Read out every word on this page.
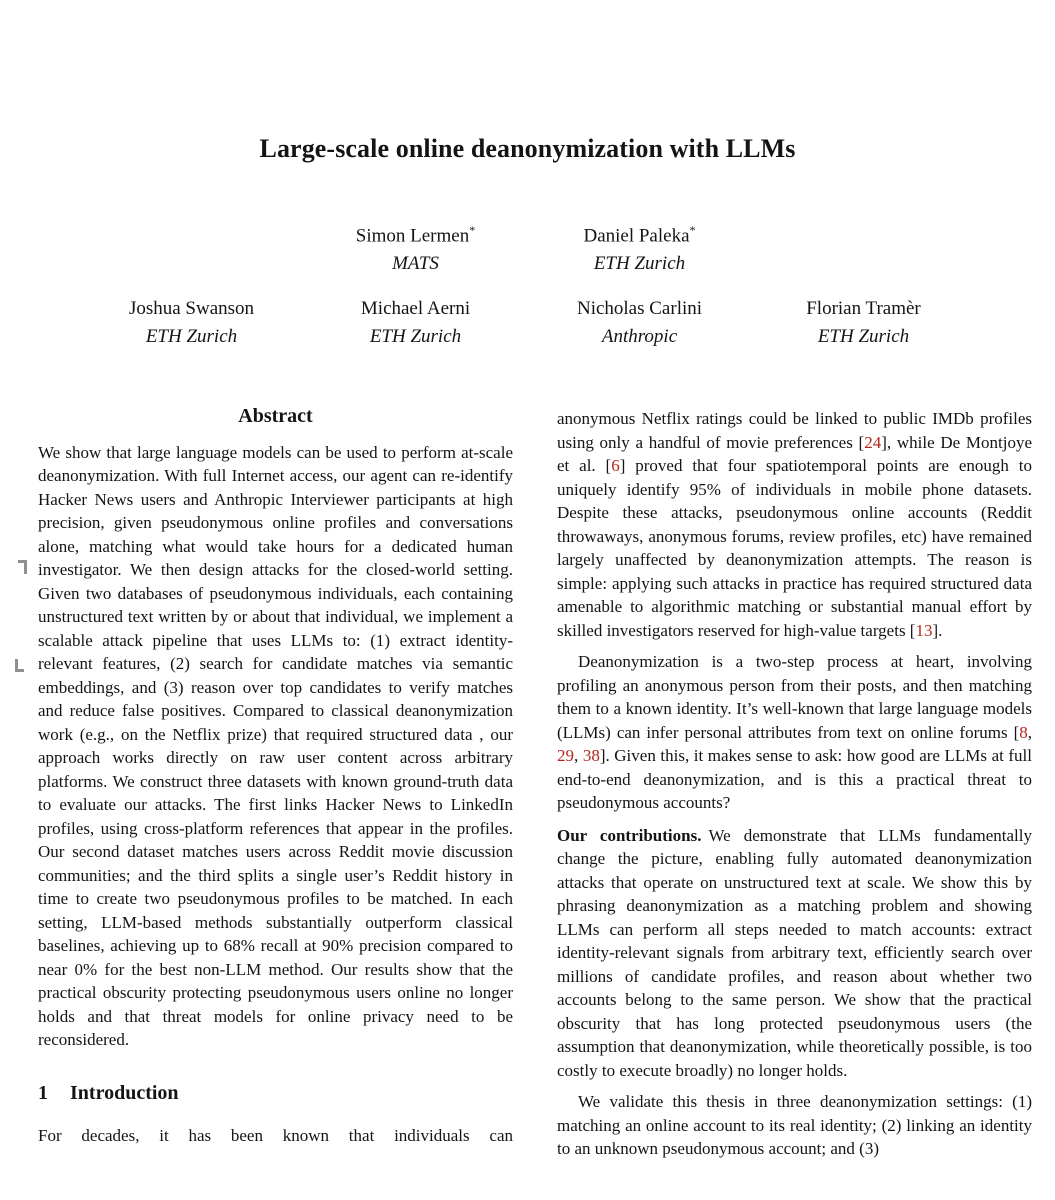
Large-scale online deanonymization with LLMs
Simon Lermen*
MATS
Daniel Paleka*
ETH Zurich
Joshua Swanson
ETH Zurich
Michael Aerni
ETH Zurich
Nicholas Carlini
Anthropic
Florian Tramèr
ETH Zurich
Abstract

We show that large language models can be used to perform at-scale deanonymization. With full Internet access, our agent can re-identify Hacker News users and Anthropic Interviewer participants at high precision, given pseudonymous online profiles and conversations alone, matching what would take hours for a dedicated human investigator. We then design attacks for the closed-world setting. Given two databases of pseudonymous individuals, each containing unstructured text written by or about that individual, we implement a scalable attack pipeline that uses LLMs to: (1) extract identity-relevant features, (2) search for candidate matches via semantic embeddings, and (3) reason over top candidates to verify matches and reduce false positives. Compared to classical deanonymization work (e.g., on the Netflix prize) that required structured data , our approach works directly on raw user content across arbitrary platforms. We construct three datasets with known ground-truth data to evaluate our attacks. The first links Hacker News to LinkedIn profiles, using cross-platform references that appear in the profiles. Our second dataset matches users across Reddit movie discussion communities; and the third splits a single user’s Reddit history in time to create two pseudonymous profiles to be matched. In each setting, LLM-based methods substantially outperform classical baselines, achieving up to 68% recall at 90% precision compared to near 0% for the best non-LLM method. Our results show that the practical obscurity protecting pseudonymous users online no longer holds and that threat models for online privacy need to be reconsidered.

1 Introduction

For decades, it has been known that individuals can

anonymous Netflix ratings could be linked to public IMDb profiles using only a handful of movie preferences [24], while De Montjoye et al. [6] proved that four spatiotemporal points are enough to uniquely identify 95% of individuals in mobile phone datasets. Despite these attacks, pseudonymous online accounts (Reddit throwaways, anonymous forums, review profiles, etc) have remained largely unaffected by deanonymization attempts. The reason is simple: applying such attacks in practice has required structured data amenable to algorithmic matching or substantial manual effort by skilled investigators reserved for high-value targets [13].

Deanonymization is a two-step process at heart, involving profiling an anonymous person from their posts, and then matching them to a known identity. It’s well-known that large language models (LLMs) can infer personal attributes from text on online forums [8, 29, 38]. Given this, it makes sense to ask: how good are LLMs at full end-to-end deanonymization, and is this a practical threat to pseudonymous accounts?

Our contributions. We demonstrate that LLMs fundamentally change the picture, enabling fully automated deanonymization attacks that operate on unstructured text at scale. We show this by phrasing deanonymization as a matching problem and showing LLMs can perform all steps needed to match accounts: extract identity-relevant signals from arbitrary text, efficiently search over millions of candidate profiles, and reason about whether two accounts belong to the same person. We show that the practical obscurity that has long protected pseudonymous users (the assumption that deanonymization, while theoretically possible, is too costly to execute broadly) no longer holds.

We validate this thesis in three deanonymization settings: (1) matching an online account to its real identity; (2) linking an identity to an unknown pseudonymous account; and (3)
